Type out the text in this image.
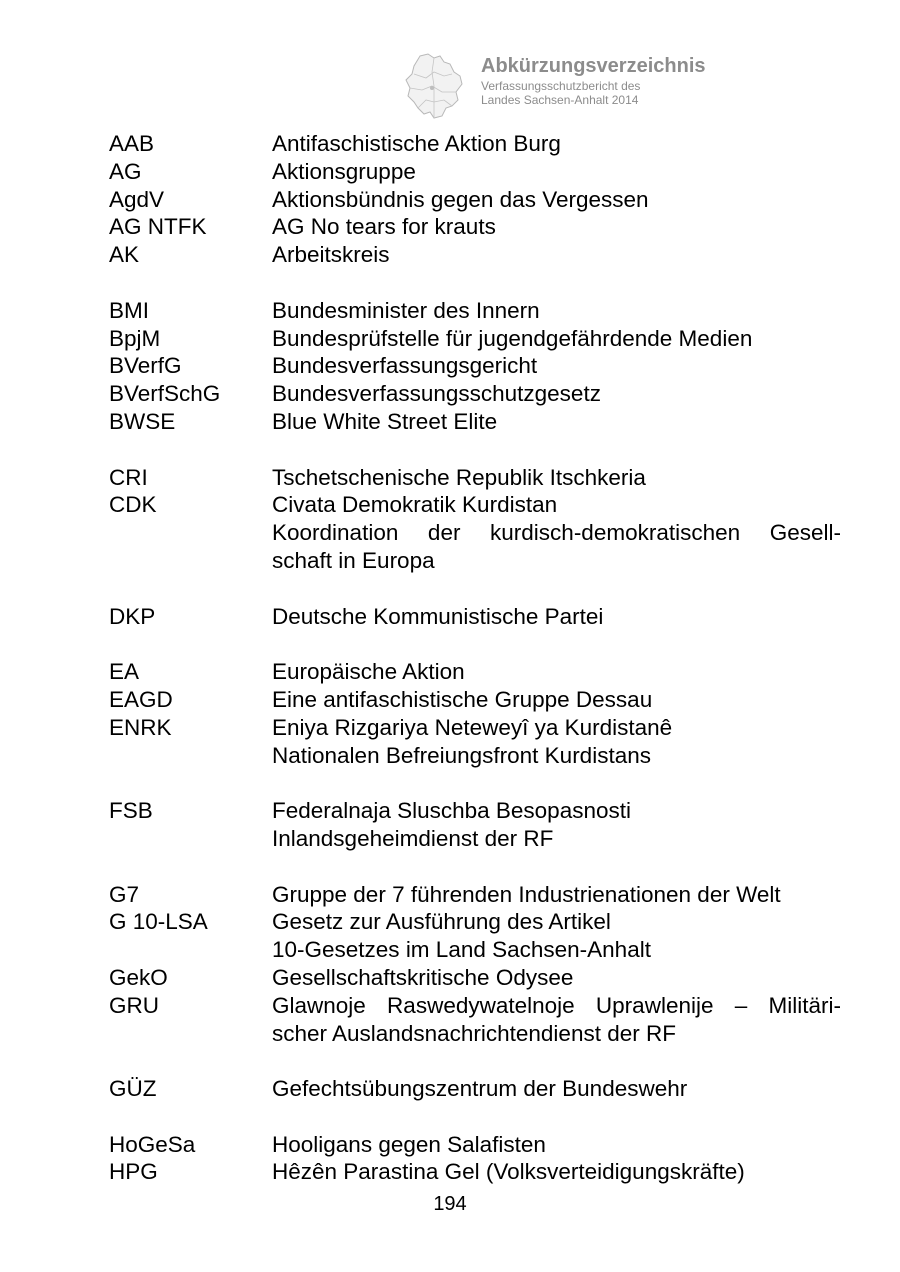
Abkürzungsverzeichnis
Verfassungsschutzbericht des
Landes Sachsen-Anhalt 2014
AAB	Antifaschistische Aktion Burg
AG	Aktionsgruppe
AgdV	Aktionsbündnis gegen das Vergessen
AG NTFK	AG No tears for krauts
AK	Arbeitskreis
BMI	Bundesminister des Innern
BpjM	Bundesprüfstelle für jugendgefährdende Medien
BVerfG	Bundesverfassungsgericht
BVerfSchG	Bundesverfassungsschutzgesetz
BWSE	Blue White Street Elite
CRI	Tschetschenische Republik Itschkeria
CDK	Civata Demokratik Kurdistan
Koordination der kurdisch-demokratischen Gesell-
schaft in Europa
DKP	Deutsche Kommunistische Partei
EA	Europäische Aktion
EAGD	Eine antifaschistische Gruppe Dessau
ENRK	Eniya Rizgariya Neteweyî ya Kurdistanê
Nationalen Befreiungsfront Kurdistans
FSB	Federalnaja Sluschba Besopasnosti
Inlandsgeheimdienst der RF
G7	Gruppe der 7 führenden Industrienationen der Welt
G 10-LSA	Gesetz zur Ausführung des Artikel
10-Gesetzes im Land Sachsen-Anhalt
GekO	Gesellschaftskritische Odysee
GRU	Glawnoje Raswedywatelnoje Uprawlenije – Militäri-
scher Auslandsnachrichtendienst der RF
GÜZ	Gefechtsübungszentrum der Bundeswehr
HoGeSa	Hooligans gegen Salafisten
HPG	Hêzên Parastina Gel (Volksverteidigungskräfte)
194
